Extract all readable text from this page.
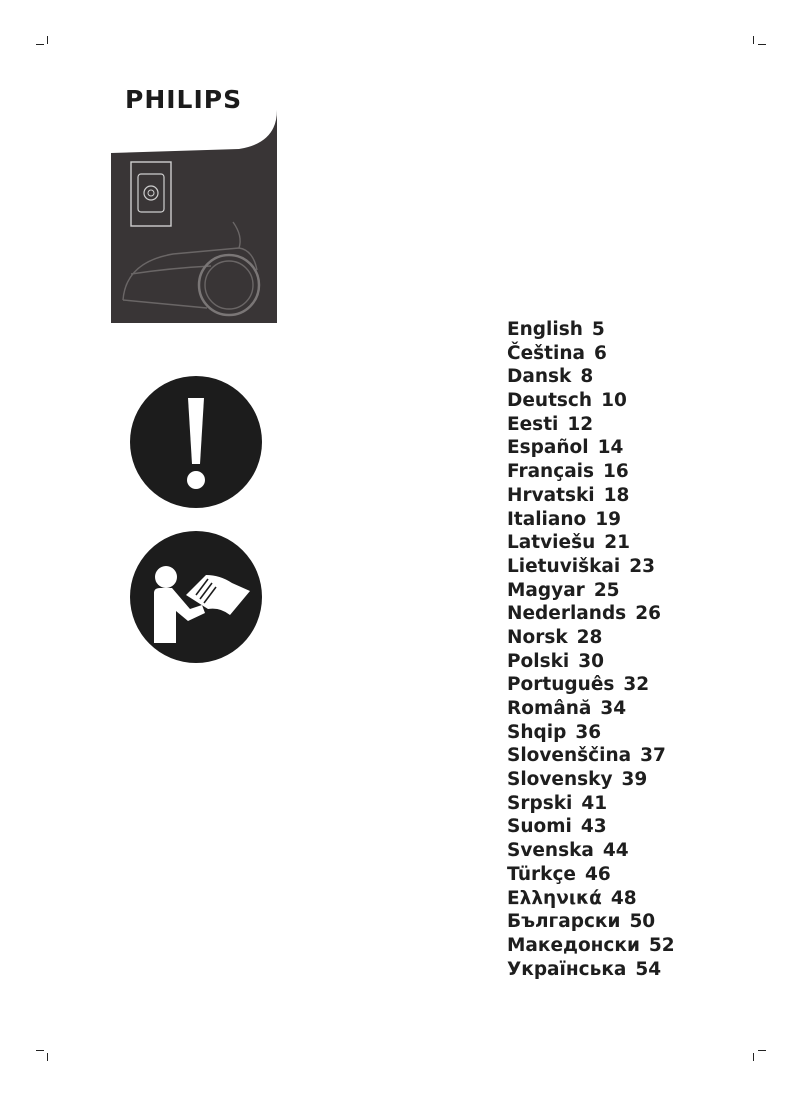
PHILIPS
English 5
Čeština 6
Dansk 8
Deutsch 10
Eesti 12
Español 14
Français 16
Hrvatski 18
Italiano 19
Latviešu 21
Lietuviškai 23
Magyar 25
Nederlands 26
Norsk 28
Polski 30
Português 32
Română 34
Shqip 36
Slovenščina 37
Slovensky 39
Srpski 41
Suomi 43
Svenska 44
Türkçe 46
Ελληνικά 48
Български 50
Македонски 52
Українська 54
